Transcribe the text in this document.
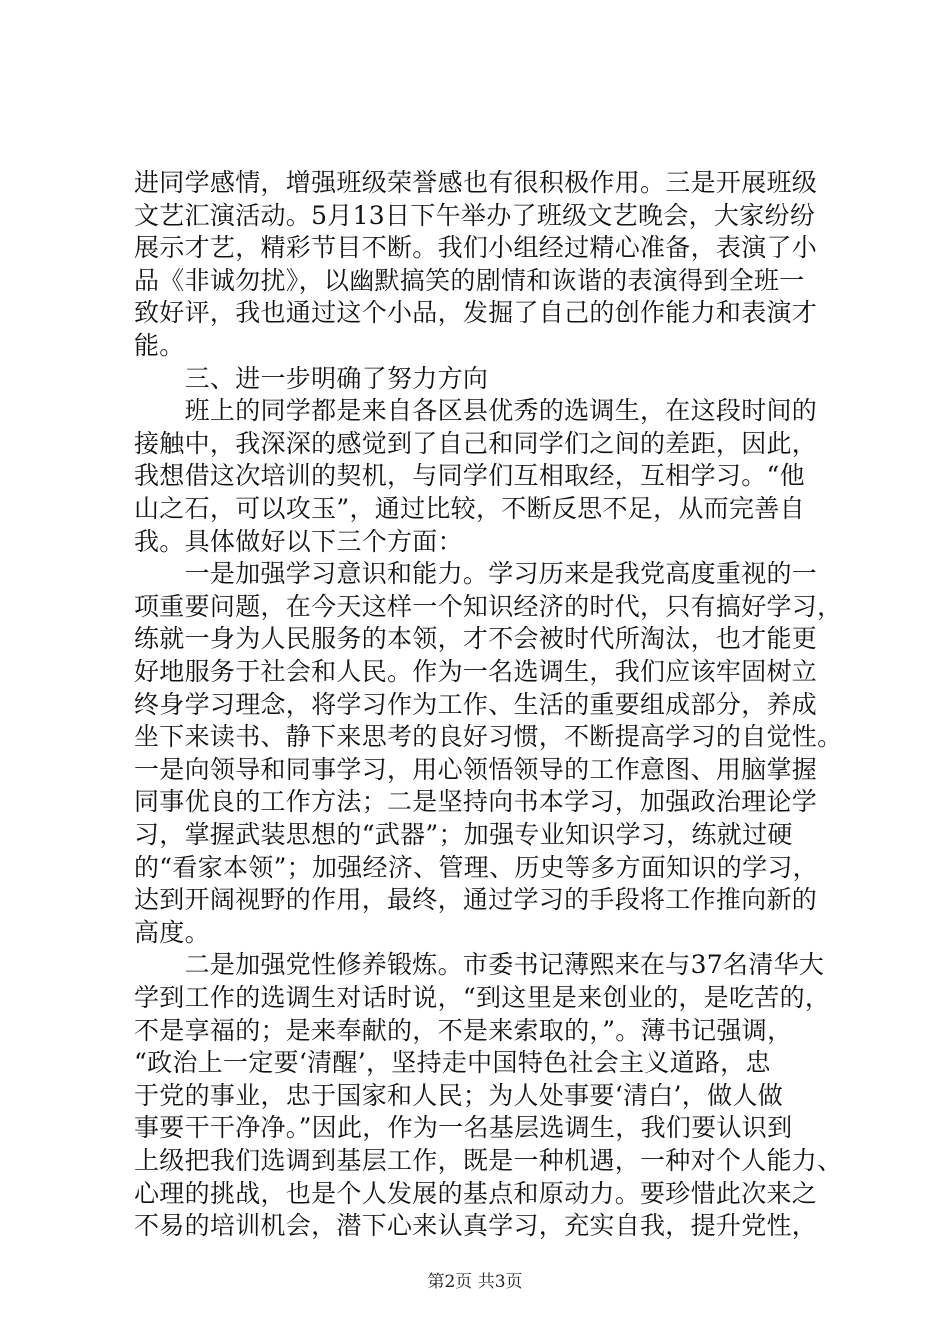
进同学感情，增强班级荣誉感也有很积极作用。三是开展班级
文艺汇演活动。5月13日下午举办了班级文艺晚会，大家纷纷
展示才艺，精彩节目不断。我们小组经过精心准备，表演了小
品《非诚勿扰》，以幽默搞笑的剧情和诙谐的表演得到全班一
致好评，我也通过这个小品，发掘了自己的创作能力和表演才
能。
　　三、进一步明确了努力方向
　　班上的同学都是来自各区县优秀的选调生，在这段时间的
接触中，我深深的感觉到了自己和同学们之间的差距，因此，
我想借这次培训的契机，与同学们互相取经，互相学习。“他
山之石，可以攻玉”，通过比较，不断反思不足，从而完善自
我。具体做好以下三个方面：
　　一是加强学习意识和能力。学习历来是我党高度重视的一
项重要问题，在今天这样一个知识经济的时代，只有搞好学习，
练就一身为人民服务的本领，才不会被时代所淘汰，也才能更
好地服务于社会和人民。作为一名选调生，我们应该牢固树立
终身学习理念，将学习作为工作、生活的重要组成部分，养成
坐下来读书、静下来思考的良好习惯，不断提高学习的自觉性。
一是向领导和同事学习，用心领悟领导的工作意图、用脑掌握
同事优良的工作方法；二是坚持向书本学习，加强政治理论学
习，掌握武装思想的“武器”；加强专业知识学习，练就过硬
的“看家本领”；加强经济、管理、历史等多方面知识的学习，
达到开阔视野的作用，最终，通过学习的手段将工作推向新的
高度。
　　二是加强党性修养锻炼。市委书记薄熙来在与37名清华大
学到工作的选调生对话时说，“到这里是来创业的，是吃苦的，
不是享福的；是来奉献的，不是来索取的，”。薄书记强调，
“政治上一定要‘清醒’，坚持走中国特色社会主义道路，忠
于党的事业，忠于国家和人民；为人处事要‘清白’，做人做
事要干干净净。”因此，作为一名基层选调生，我们要认识到
上级把我们选调到基层工作，既是一种机遇，一种对个人能力、
心理的挑战，也是个人发展的基点和原动力。要珍惜此次来之
不易的培训机会，潜下心来认真学习，充实自我，提升党性，
第2页 共3页
